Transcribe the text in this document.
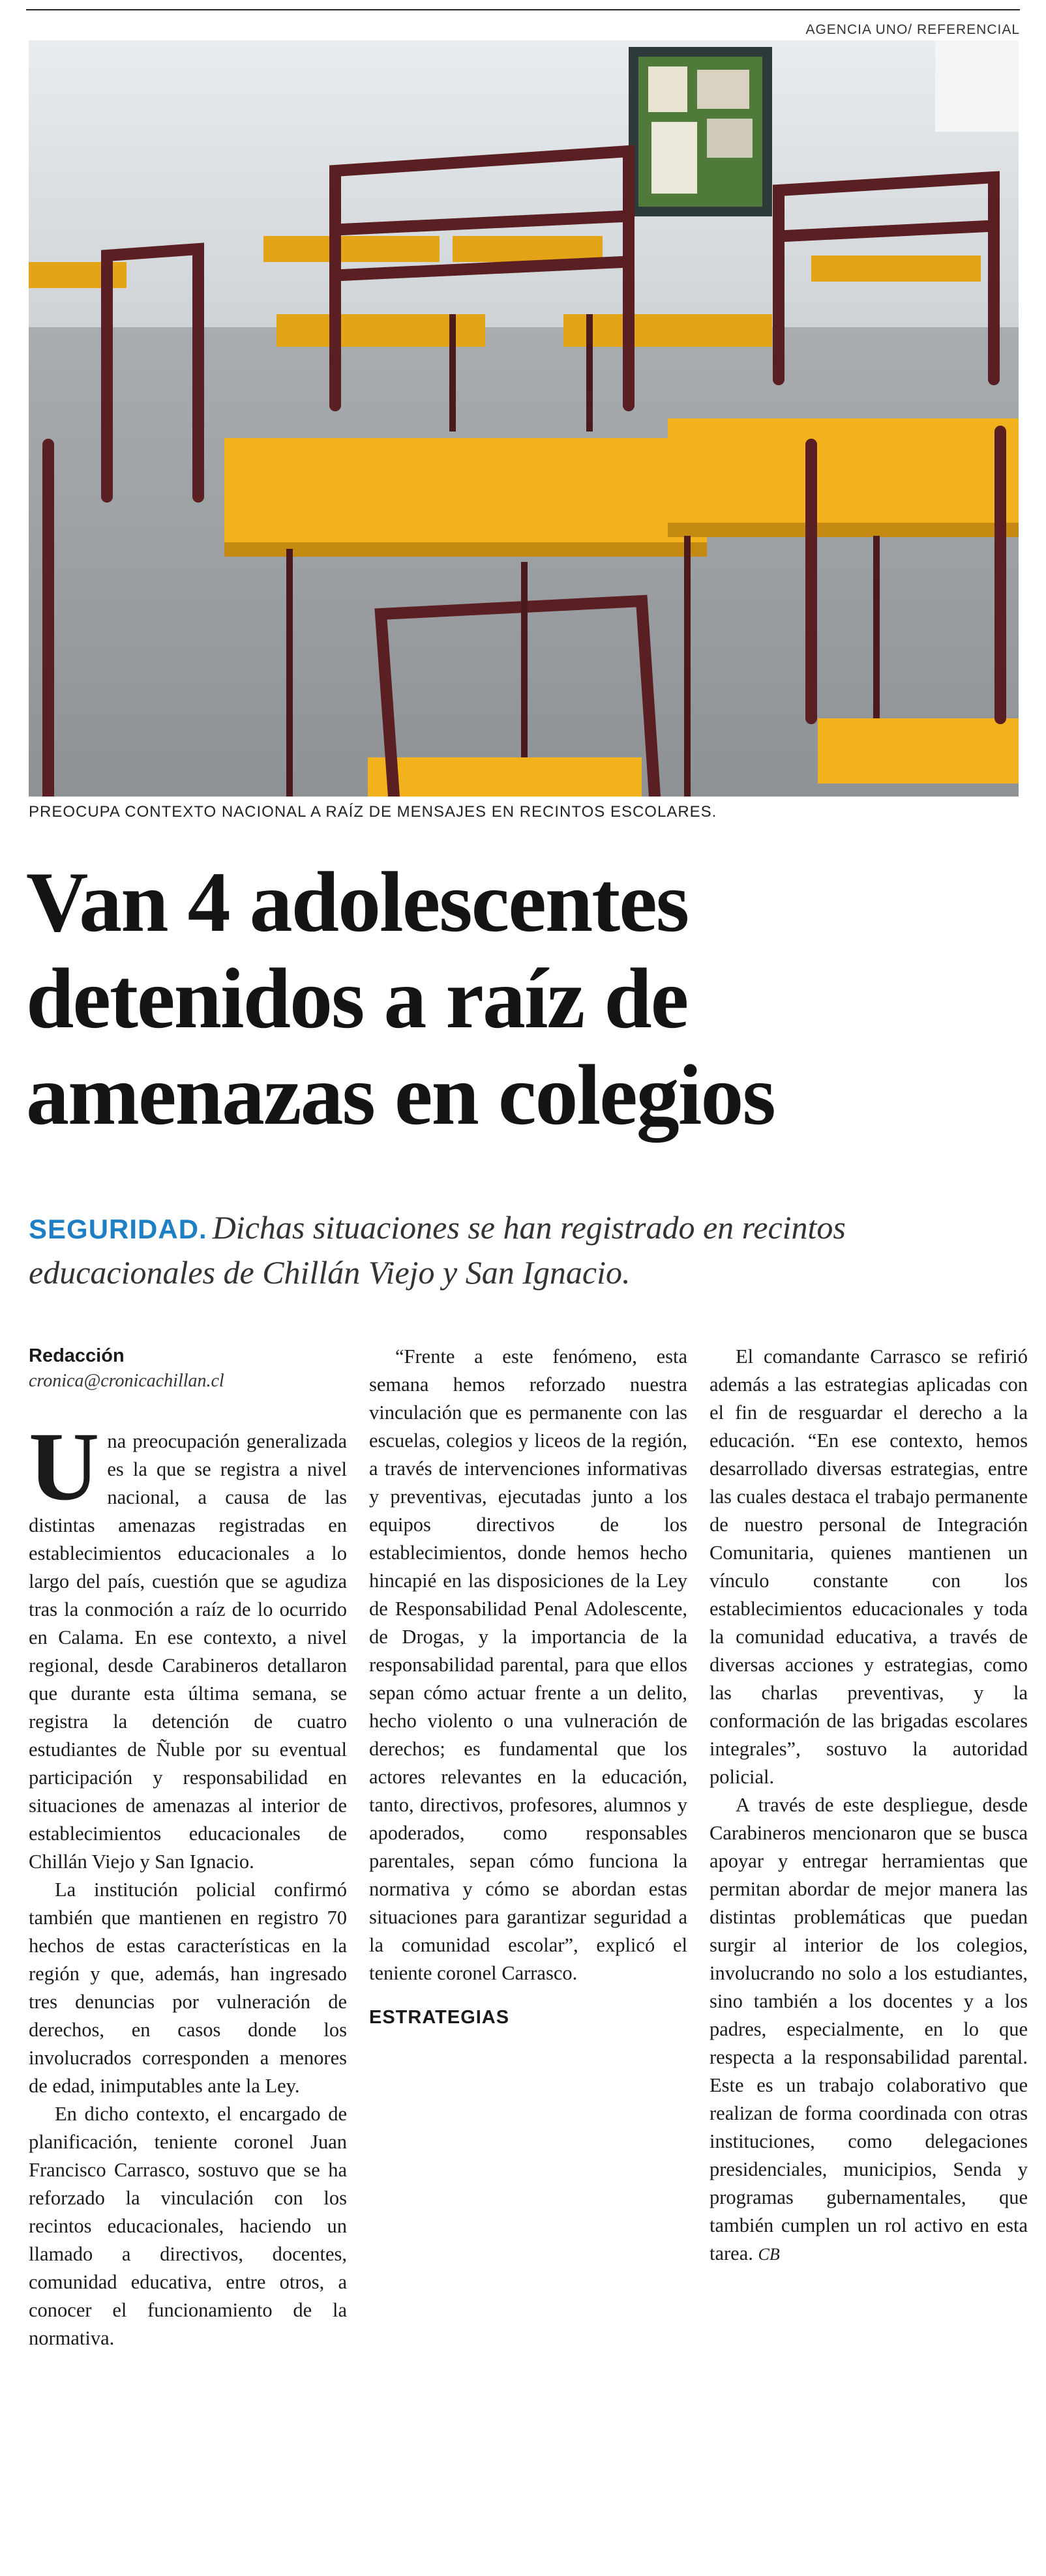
AGENCIA UNO/ REFERENCIAL
PREOCUPA CONTEXTO NACIONAL A RAÍZ DE MENSAJES EN RECINTOS ESCOLARES.
Van 4 adolescentes
detenidos a raíz de
amenazas en colegios
SEGURIDAD. Dichas situaciones se han registrado en recintos educacionales de Chillán Viejo y San Ignacio.
Redacción
cronica@cronicachillan.cl

Una preocupación generalizada es la que se registra a nivel nacional, a causa de las distintas amenazas registradas en establecimientos educacionales a lo largo del país, cuestión que se agudiza tras la conmoción a raíz de lo ocurrido en Calama. En ese contexto, a nivel regional, desde Carabineros detallaron que durante esta última semana, se registra la detención de cuatro estudiantes de Ñuble por su eventual participación y responsabilidad en situaciones de amenazas al interior de establecimientos educacionales de Chillán Viejo y San Ignacio.

La institución policial confirmó también que mantienen en registro 70 hechos de estas características en la región y que, además, han ingresado tres denuncias por vulneración de derechos, en casos donde los involucrados corresponden a menores de edad, inimputables ante la Ley.

En dicho contexto, el encargado de planificación, teniente coronel Juan Francisco Carrasco, sostuvo que se ha reforzado la vinculación con los recintos educacionales, haciendo un llamado a directivos, docentes, comunidad educativa, entre otros, a conocer el funcionamiento de la normativa.

“Frente a este fenómeno, esta semana hemos reforzado nuestra vinculación que es permanente con las escuelas, colegios y liceos de la región, a través de intervenciones informativas y preventivas, ejecutadas junto a los equipos directivos de los establecimientos, donde hemos hecho hincapié en las disposiciones de la Ley de Responsabilidad Penal Adolescente, de Drogas, y la importancia de la responsabilidad parental, para que ellos sepan cómo actuar frente a un delito, hecho violento o una vulneración de derechos; es fundamental que los actores relevantes en la educación, tanto, directivos, profesores, alumnos y apoderados, como responsables parentales, sepan cómo funciona la normativa y cómo se abordan estas situaciones para garantizar seguridad a la comunidad escolar”, explicó el teniente coronel Carrasco.

ESTRATEGIAS

El comandante Carrasco se refirió además a las estrategias aplicadas con el fin de resguardar el derecho a la educación. “En ese contexto, hemos desarrollado diversas estrategias, entre las cuales destaca el trabajo permanente de nuestro personal de Integración Comunitaria, quienes mantienen un vínculo constante con los establecimientos educacionales y toda la comunidad educativa, a través de diversas acciones y estrategias, como las charlas preventivas, y la conformación de las brigadas escolares integrales”, sostuvo la autoridad policial.

A través de este despliegue, desde Carabineros mencionaron que se busca apoyar y entregar herramientas que permitan abordar de mejor manera las distintas problemáticas que puedan surgir al interior de los colegios, involucrando no solo a los estudiantes, sino también a los docentes y a los padres, especialmente, en lo que respecta a la responsabilidad parental. Este es un trabajo colaborativo que realizan de forma coordinada con otras instituciones, como delegaciones presidenciales, municipios, Senda y programas gubernamentales, que también cumplen un rol activo en esta tarea. CB
